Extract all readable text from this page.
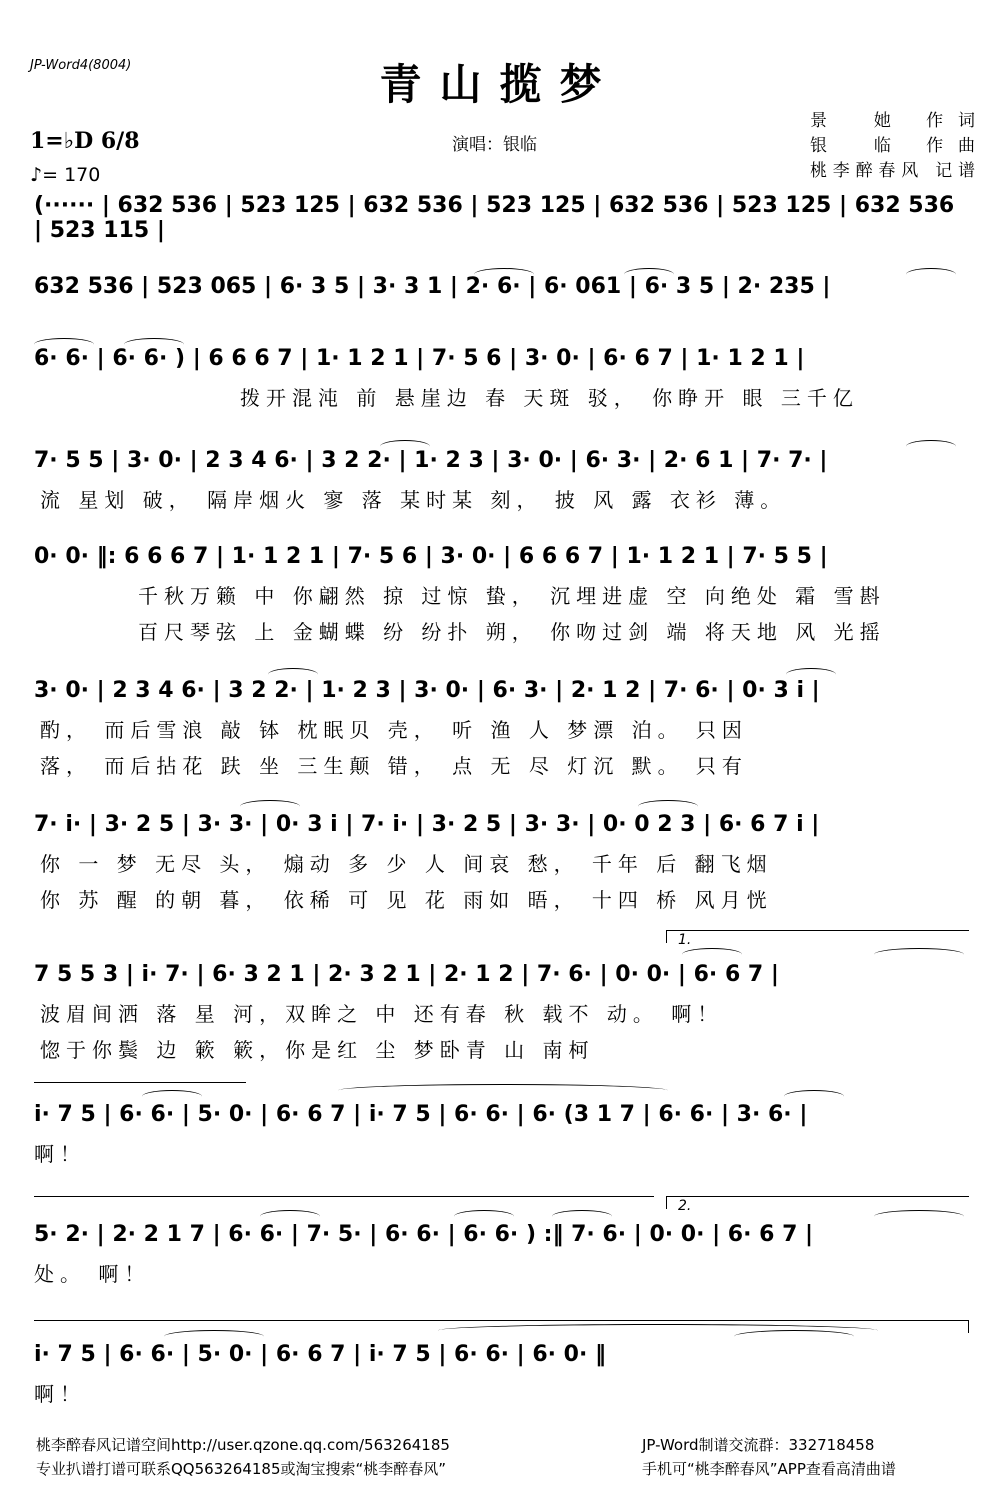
JP-Word4(8004)	青山揽梦
1=♭D 6/8
♪= 170
演唱：银临
景　她 作词
银　临 作曲
桃李醉春风 记谱
(······ | 632 536 | 523 125 | 632 536 | 523 125 | 632 536 | 523 125 | 632 536 | 523 115 |
632 536 | 523 065 | 6· 3 5 | 3· 3 1 | 2· 6· | 6· 061 | 6· 3 5 | 2· 235 |
6· 6· | 6· 6· ) | 6 6 6 7 | 1· 1 2 1 | 7· 5 6 | 3· 0· | 6· 6 7 | 1· 1 2 1 |
拨开混沌 前 悬崖边 春 天斑 驳， 你睁开 眼 三千亿
7· 5 5 | 3· 0· | 2 3 4 6· | 3 2 2· | 1· 2 3 | 3· 0· | 6· 3· | 2· 6 1 | 7· 7· |
流 星划 破， 隔岸烟火 寥 落 某时某 刻， 披 风 露 衣衫 薄。
0· 0· ‖: 6 6 6 7 | 1· 1 2 1 | 7· 5 6 | 3· 0· | 6 6 6 7 | 1· 1 2 1 | 7· 5 5 |
千秋万籁 中 你翩然 掠 过惊 蛰， 沉埋进虚 空 向绝处 霜 雪斟
百尺琴弦 上 金蝴蝶 纷 纷扑 朔， 你吻过剑 端 将天地 风 光摇
3· 0· | 2 3 4 6· | 3 2 2· | 1· 2 3 | 3· 0· | 6· 3· | 2· 1 2 | 7· 6· | 0· 3 i |
酌， 而后雪浪 敲 钵 枕眠贝 壳， 听 渔 人 梦漂 泊。 只因
落， 而后拈花 趺 坐 三生颠 错， 点 无 尽 灯沉 默。 只有
7· i· | 3· 2 5 | 3· 3· | 0· 3 i | 7· i· | 3· 2 5 | 3· 3· | 0· 0 2 3 | 6· 6 7 i |
你 一 梦 无尽 头， 煽动 多 少 人 间哀 愁， 千年 后 翻飞烟
你 苏 醒 的朝 暮， 依稀 可 见 花 雨如 晤， 十四 桥 风月恍
1.
7 5 5 3 | i· 7· | 6· 3 2 1 | 2· 3 2 1 | 2· 1 2 | 7· 6· | 0· 0· | 6· 6 7 |
波眉间洒 落 星 河，双眸之 中 还有春 秋 载不 动。 啊！
惚于你鬓 边 簌 簌，你是红 尘 梦卧青 山 南柯
i· 7 5 | 6· 6· | 5· 0· | 6· 6 7 | i· 7 5 | 6· 6· | 6· (3 1 7 | 6· 6· | 3· 6· |
啊！
2.
5· 2· | 2· 2 1 7 | 6· 6· | 7· 5· | 6· 6· | 6· 6· ) :‖ 7· 6· | 0· 0· | 6· 6 7 |
处。 啊！
i· 7 5 | 6· 6· | 5· 0· | 6· 6 7 | i· 7 5 | 6· 6· | 6· 0· ‖
啊！
桃李醉春风记谱空间http://user.qzone.qq.com/563264185
专业扒谱打谱可联系QQ563264185或淘宝搜索“桃李醉春风”
JP-Word制谱交流群：332718458
手机可“桃李醉春风”APP查看高清曲谱
